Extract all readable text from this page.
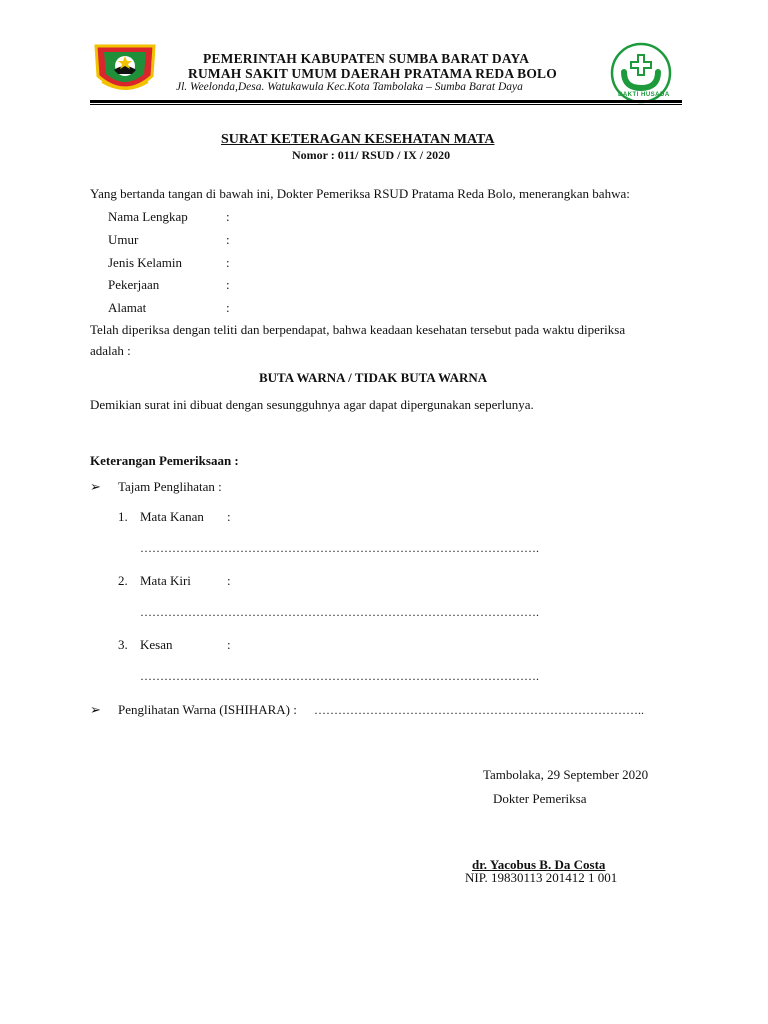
BAKTI HUSADA
PEMERINTAH KABUPATEN SUMBA BARAT DAYA
RUMAH SAKIT UMUM DAERAH PRATAMA REDA BOLO
Jl. Weelonda,Desa. Watukawula Kec.Kota Tambolaka – Sumba Barat Daya
SURAT KETERAGAN KESEHATAN MATA
Nomor : 011/ RSUD / IX / 2020
Yang bertanda tangan di bawah ini, Dokter Pemeriksa RSUD Pratama Reda Bolo, menerangkan bahwa:
Nama Lengkap	:
Umur	:
Jenis Kelamin	:
Pekerjaan	:
Alamat	:
Telah diperiksa dengan teliti dan berpendapat, bahwa keadaan kesehatan tersebut pada waktu diperiksa
adalah :
BUTA WARNA / TIDAK BUTA WARNA
Demikian surat ini dibuat dengan sesungguhnya agar dapat dipergunakan seperlunya.
Keterangan Pemeriksaan :
➢ Tajam Penglihatan :
1. Mata Kanan :
……………………………………………………………………………………….
2. Mata Kiri	:
……………………………………………………………………………………….
3. Kesan	:
……………………………………………………………………………………….
➢ Penglihatan Warna (ISHIHARA) : ………………………………………………………………………..
Tambolaka, 29 September 2020
Dokter Pemeriksa
dr. Yacobus B. Da Costa
NIP. 19830113 201412 1 001
